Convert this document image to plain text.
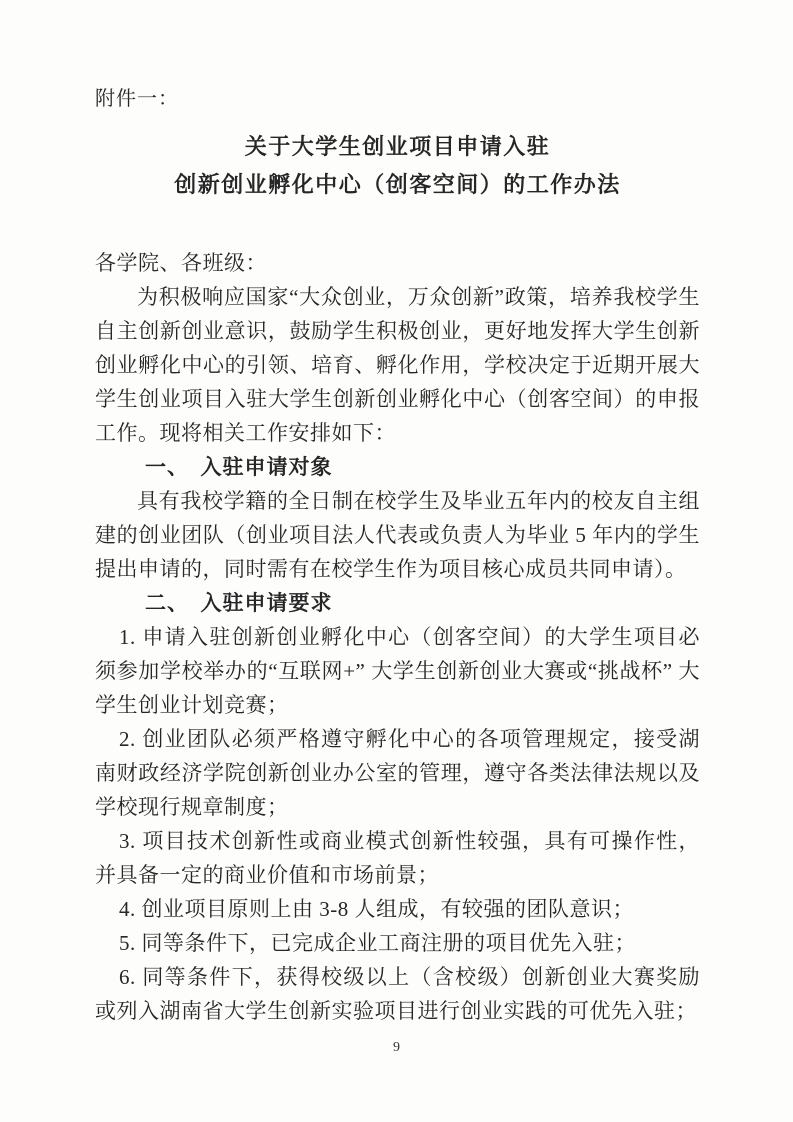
附件一：
关于大学生创业项目申请入驻
创新创业孵化中心（创客空间）的工作办法

各学院、各班级：

为积极响应国家“大众创业，万众创新”政策，培养我校学生自主创新创业意识，鼓励学生积极创业，更好地发挥大学生创新创业孵化中心的引领、培育、孵化作用，学校决定于近期开展大学生创业项目入驻大学生创新创业孵化中心（创客空间）的申报工作。现将相关工作安排如下：

一、　入驻申请对象

具有我校学籍的全日制在校学生及毕业五年内的校友自主组建的创业团队（创业项目法人代表或负责人为毕业 5 年内的学生提出申请的，同时需有在校学生作为项目核心成员共同申请）。

二、　入驻申请要求

1. 申请入驻创新创业孵化中心（创客空间）的大学生项目必须参加学校举办的“互联网+” 大学生创新创业大赛或“挑战杯” 大学生创业计划竞赛；

2. 创业团队必须严格遵守孵化中心的各项管理规定，接受湖南财政经济学院创新创业办公室的管理，遵守各类法律法规以及学校现行规章制度；

3. 项目技术创新性或商业模式创新性较强，具有可操作性，并具备一定的商业价值和市场前景；

4. 创业项目原则上由 3-8 人组成，有较强的团队意识；

5. 同等条件下，已完成企业工商注册的项目优先入驻；

6. 同等条件下，获得校级以上（含校级）创新创业大赛奖励或列入湖南省大学生创新实验项目进行创业实践的可优先入驻；

9
